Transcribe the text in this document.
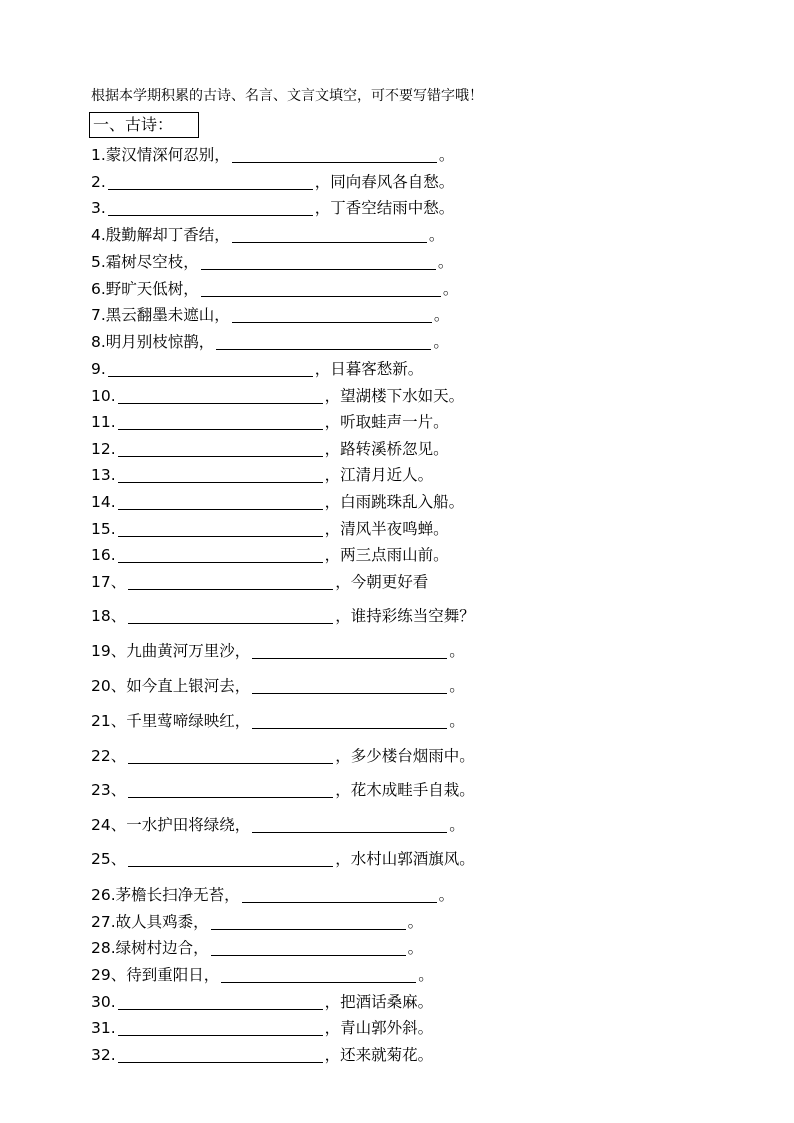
根据本学期积累的古诗、名言、文言文填空，可不要写错字哦！
一、古诗：
1. 蒙汉情深何忍别，	。
2.	，同向春风各自愁。
3.	，丁香空结雨中愁。
4. 殷勤解却丁香结，	。
5. 霜树尽空枝，	。
6. 野旷天低树，	。
7. 黑云翻墨未遮山，	。
8. 明月别枝惊鹊，	。
9.	，日暮客愁新。
10.	，望湖楼下水如天。
11.	，听取蛙声一片。
12.	，路转溪桥忽见。
13.	，江清月近人。
14.	，白雨跳珠乱入船。
15.	，清风半夜鸣蝉。
16.	，两三点雨山前。
17、	，今朝更好看
18、	，谁持彩练当空舞？
19、 九曲黄河万里沙，	。
20、 如今直上银河去，	。
21、 千里莺啼绿映红，	。
22、	，多少楼台烟雨中。
23、	，花木成畦手自栽。
24、 一水护田将绿绕，	。
25、	，水村山郭酒旗风。
26. 茅檐长扫净无苔，	。
27. 故人具鸡黍，	。
28. 绿树村边合，	。
29、 待到重阳日，	。
30.	，把酒话桑麻。
31.	，青山郭外斜。
32.	，还来就菊花。
